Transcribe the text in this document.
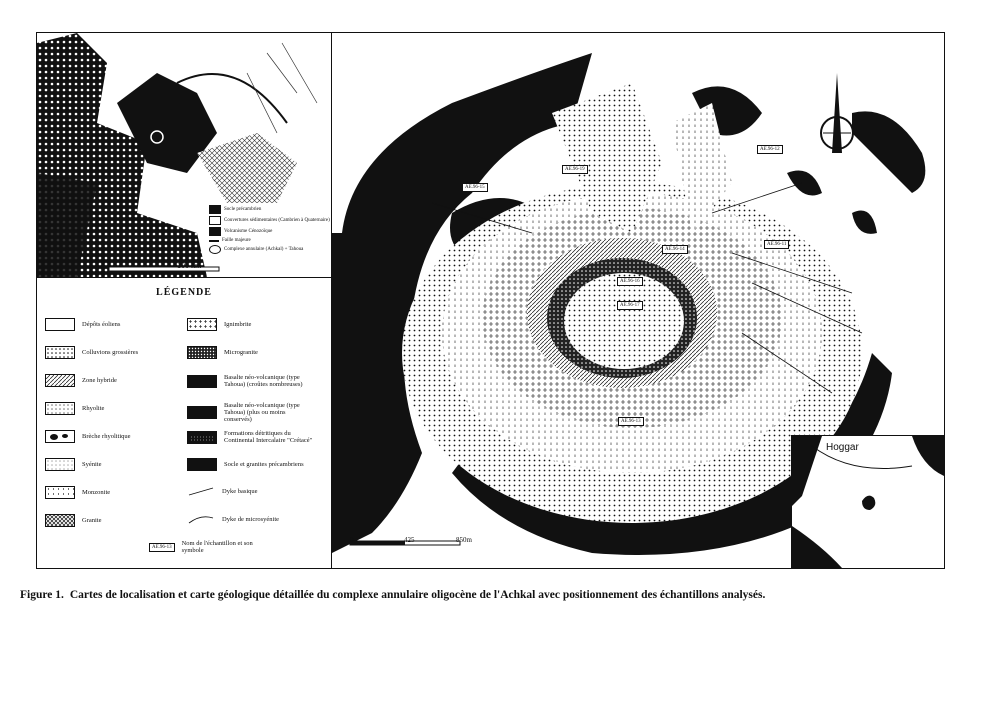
Socle précambrien
Couvertures sédimentaires (Cambrien à Quaternaire)
Volcanisme Cénozoïque
Faille majeure
Complexe annulaire (Achkal) + Tahoua
100 km
LÉGENDE
Dépôts éoliens
Colluvions grossières
Zone hybride
Rhyolite
Brèche rhyolitique
Syénite
Monzonite
Granite
Ignimbrite
Microgranite
Basalte néo-volcanique (type Tahoua) (croûtes nombreuses)
Basalte néo-volcanique (type Tahoua) (plus ou moins conservés)
Formations détritiques du Continental Intercalaire "Crétacé"
Socle et granites précambriens
Dyke basique
Dyke de microsyénite
AE.96-13	Nom de l'échantillon et son symbole
AE.96-15
AE.96-12
AE.96-11
AE.96-14
AE.96-16
AE.96-17
AE.96-13
AE.96-19
0	425	850m
Hoggar
Figure 1. Cartes de localisation et carte géologique détaillée du complexe annulaire oligocène de l'Achkal avec positionnement des échantillons analysés.
